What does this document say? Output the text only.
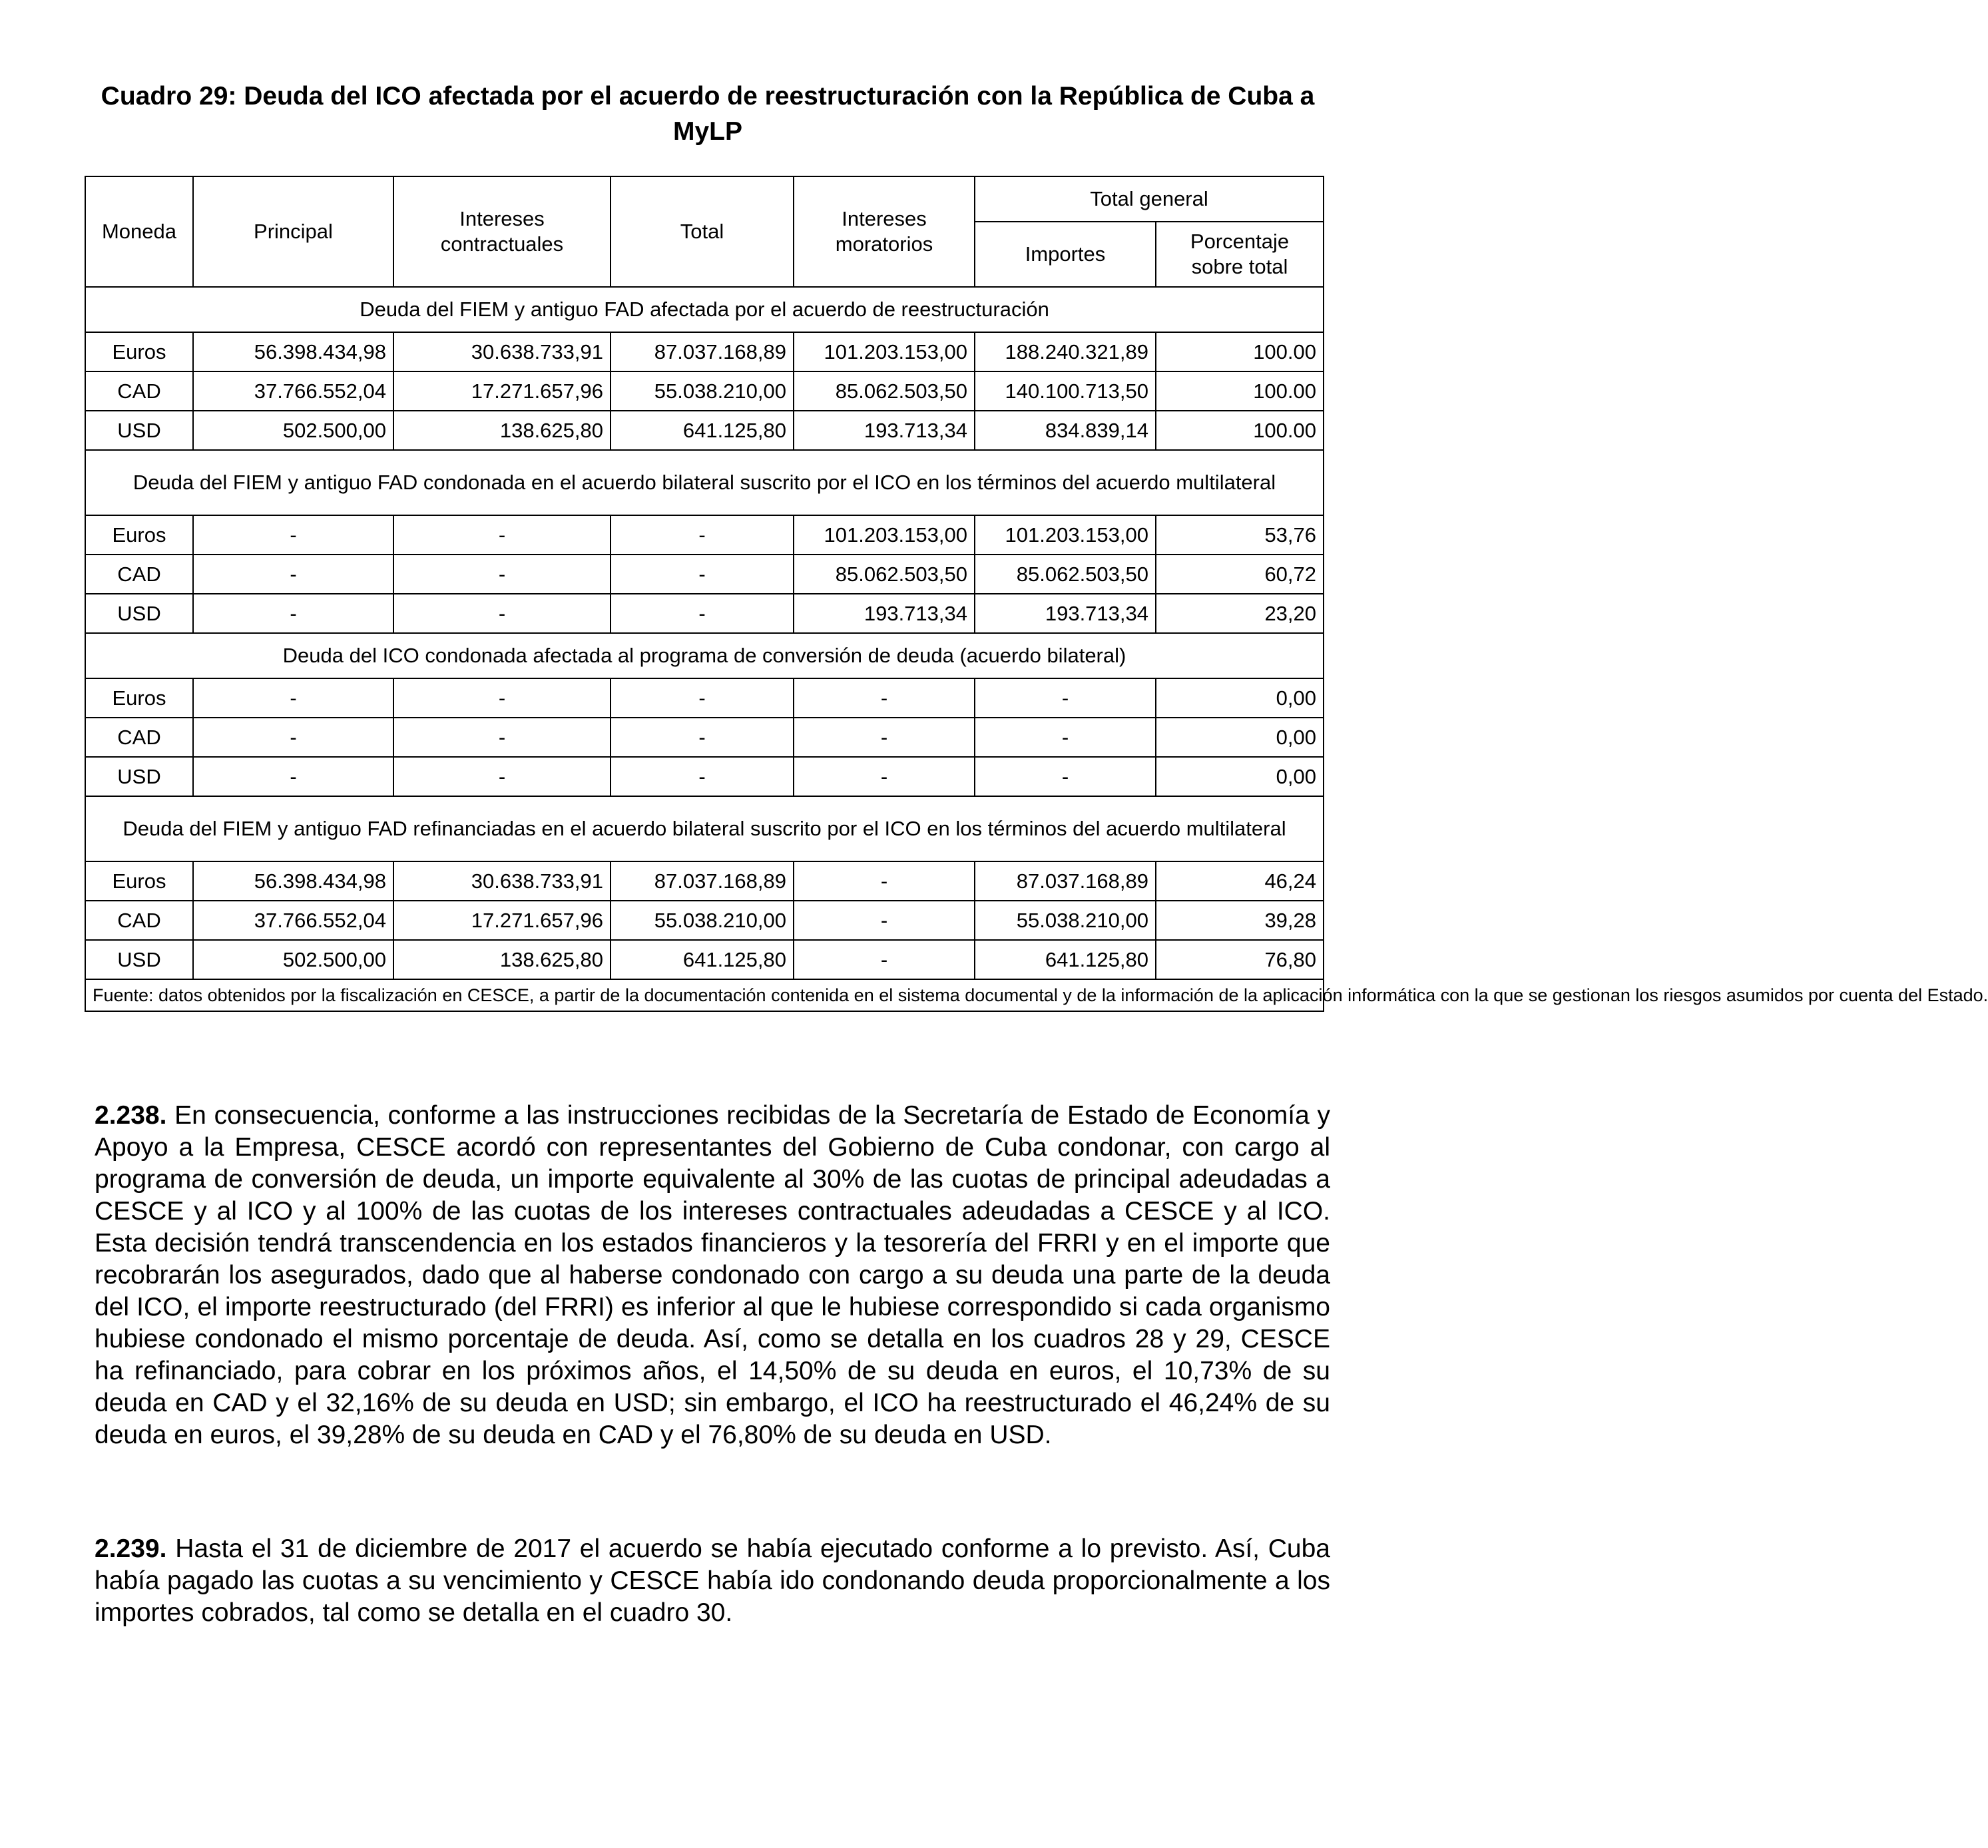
Cuadro 29: Deuda del ICO afectada por el acuerdo de reestructuración con la República de Cuba a MyLP
Moneda	Principal	Intereses contractuales	Total	Intereses moratorios	Total general	
					Importes	Porcentaje sobre total
Deuda del FIEM y antiguo FAD afectada por el acuerdo de reestructuración						
Euros	56.398.434,98	30.638.733,91	87.037.168,89	101.203.153,00	188.240.321,89	100.00
CAD	37.766.552,04	17.271.657,96	55.038.210,00	85.062.503,50	140.100.713,50	100.00
USD	502.500,00	138.625,80	641.125,80	193.713,34	834.839,14	100.00
Deuda del FIEM y antiguo FAD condonada en el acuerdo bilateral suscrito por el ICO en los términos del acuerdo multilateral						
Euros	-	-	-	101.203.153,00	101.203.153,00	53,76
CAD	-	-	-	85.062.503,50	85.062.503,50	60,72
USD	-	-	-	193.713,34	193.713,34	23,20
Deuda del ICO condonada afectada al programa de conversión de deuda (acuerdo bilateral)						
Euros	-	-	-	-	-	0,00
CAD	-	-	-	-	-	0,00
USD	-	-	-	-	-	0,00
Deuda del FIEM y antiguo FAD refinanciadas en el acuerdo bilateral suscrito por el ICO en los términos del acuerdo multilateral						
Euros	56.398.434,98	30.638.733,91	87.037.168,89	-	87.037.168,89	46,24
CAD	37.766.552,04	17.271.657,96	55.038.210,00	-	55.038.210,00	39,28
USD	502.500,00	138.625,80	641.125,80	-	641.125,80	76,80
Fuente: datos obtenidos por la fiscalización en CESCE, a partir de la documentación contenida en el sistema documental y de la información de la aplicación informática con la que se gestionan los riesgos asumidos por cuenta del Estado.						

2.238. En consecuencia, conforme a las instrucciones recibidas de la Secretaría de Estado de Economía y Apoyo a la Empresa, CESCE acordó con representantes del Gobierno de Cuba condonar, con cargo al programa de conversión de deuda, un importe equivalente al 30% de las cuotas de principal adeudadas a CESCE y al ICO y al 100% de las cuotas de los intereses contractuales adeudadas a CESCE y al ICO. Esta decisión tendrá transcendencia en los estados financieros y la tesorería del FRRI y en el importe que recobrarán los asegurados, dado que al haberse condonado con cargo a su deuda una parte de la deuda del ICO, el importe reestructurado (del FRRI) es inferior al que le hubiese correspondido si cada organismo hubiese condonado el mismo porcentaje de deuda. Así, como se detalla en los cuadros 28 y 29, CESCE ha refinanciado, para cobrar en los próximos años, el 14,50% de su deuda en euros, el 10,73% de su deuda en CAD y el 32,16% de su deuda en USD; sin embargo, el ICO ha reestructurado el 46,24% de su deuda en euros, el 39,28% de su deuda en CAD y el 76,80% de su deuda en USD.

2.239. Hasta el 31 de diciembre de 2017 el acuerdo se había ejecutado conforme a lo previsto. Así, Cuba había pagado las cuotas a su vencimiento y CESCE había ido condonando deuda proporcionalmente a los importes cobrados, tal como se detalla en el cuadro 30.
